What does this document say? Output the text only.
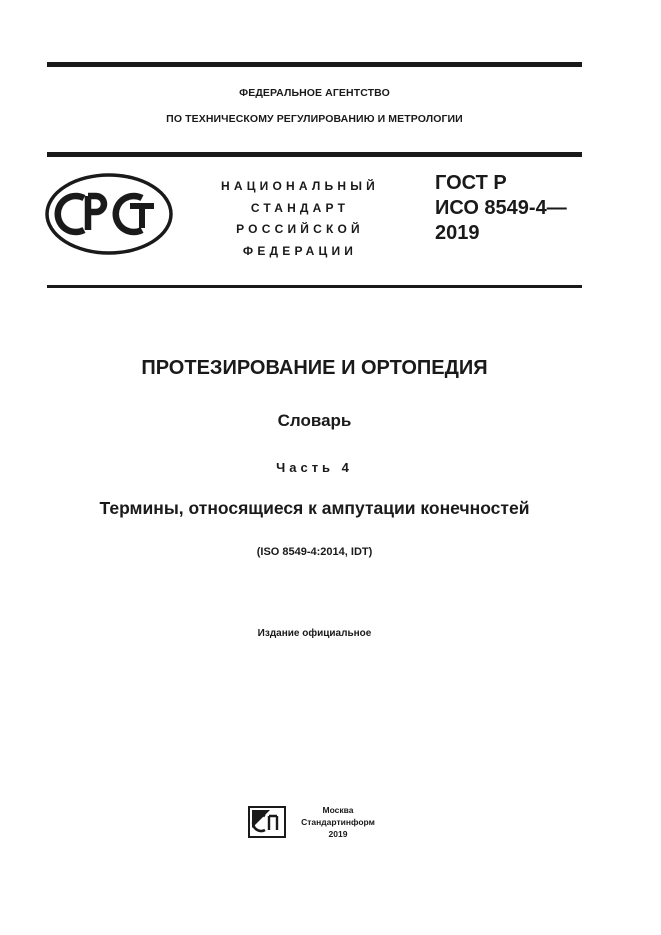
ФЕДЕРАЛЬНОЕ АГЕНТСТВО
ПО ТЕХНИЧЕСКОМУ РЕГУЛИРОВАНИЮ И МЕТРОЛОГИИ
НАЦИОНАЛЬНЫЙ
СТАНДАРТ
РОССИЙСКОЙ
ФЕДЕРАЦИИ
ГОСТ Р
ИСО 8549-4—
2019
ПРОТЕЗИРОВАНИЕ И ОРТОПЕДИЯ
Словарь
Часть 4
Термины, относящиеся к ампутации конечностей
(ISO 8549-4:2014, IDT)
Издание официальное
Москва
Стандартинформ
2019
